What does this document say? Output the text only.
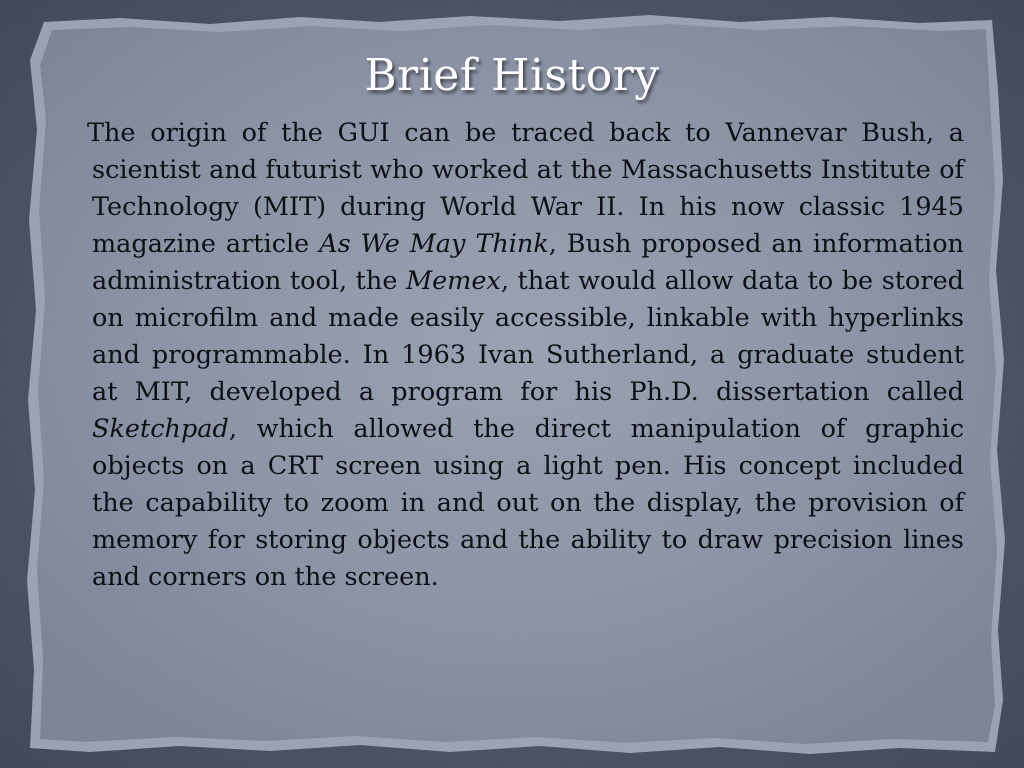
Brief History

The origin of the GUI can be traced back to Vannevar Bush, a scientist and futurist who worked at the Massachusetts Institute of Technology (MIT) during World War II. In his now classic 1945 magazine article As We May Think, Bush proposed an information administration tool, the Memex, that would allow data to be stored on microfilm and made easily accessible, linkable with hyperlinks and programmable. In 1963 Ivan Sutherland, a graduate student at MIT, developed a program for his Ph.D. dissertation called Sketchpad, which allowed the direct manipulation of graphic objects on a CRT screen using a light pen. His concept included the capability to zoom in and out on the display, the provision of memory for storing objects and the ability to draw precision lines and corners on the screen.
